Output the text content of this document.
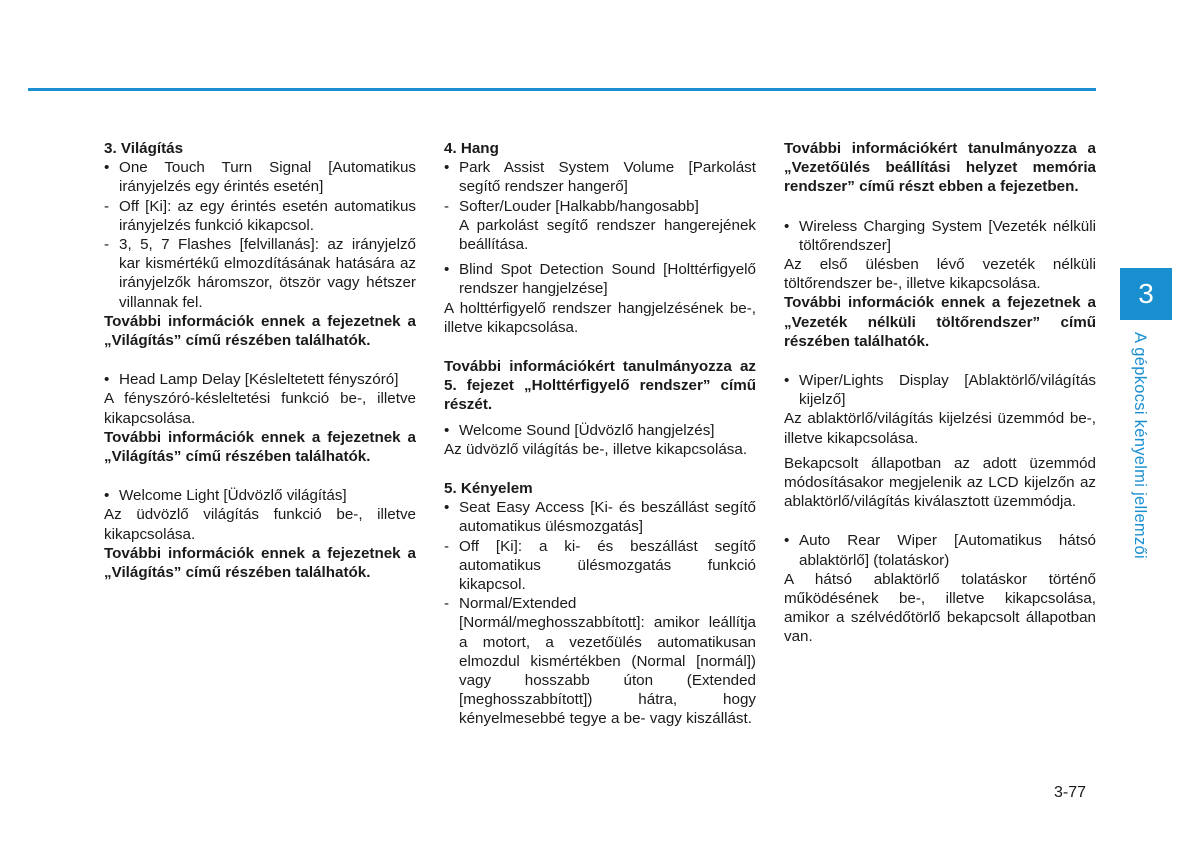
3. Világítás

• One Touch Turn Signal [Automatikus irányjelzés egy érintés esetén]
- Off [Ki]: az egy érintés esetén automatikus irányjelzés funkció kikapcsol.
- 3, 5, 7 Flashes [felvillanás]: az irányjelző kar kismértékű elmozdításának hatására az irányjelzők háromszor, ötször vagy hétszer villannak fel.

További információk ennek a fejezetnek a „Világítás” című részében találhatók.

• Head Lamp Delay [Késleltetett fényszóró]

A fényszóró-késleltetési funkció be-, illetve kikapcsolása.

További információk ennek a fejezetnek a „Világítás” című részében találhatók.

• Welcome Light [Üdvözlő világítás]

Az üdvözlő világítás funkció be-, illetve kikapcsolása.

További információk ennek a fejezetnek a „Világítás” című részében találhatók.

4. Hang

• Park Assist System Volume [Parkolást segítő rendszer hangerő]
- Softer/Louder [Halkabb/hangosabb]

A parkolást segítő rendszer hangerejének beállítása.

• Blind Spot Detection Sound [Holttérfigyelő rendszer hangjelzése]

A holttérfigyelő rendszer hangjelzésének be-, illetve kikapcsolása.

További információkért tanulmányozza az 5. fejezet „Holttérfigyelő rendszer” című részét.

• Welcome Sound [Üdvözlő hangjelzés]

Az üdvözlő világítás be-, illetve kikapcsolása.

5. Kényelem

• Seat Easy Access [Ki- és beszállást segítő automatikus ülésmozgatás]
- Off [Ki]: a ki- és beszállást segítő automatikus ülésmozgatás funkció kikapcsol.
- Normal/Extended [Normál/meghosszabbított]: amikor leállítja a motort, a vezetőülés automatikusan elmozdul kismértékben (Normal [normál]) vagy hosszabb úton (Extended [meghosszabbított]) hátra, hogy kényelmesebbé tegye a be- vagy kiszállást.

További információkért tanulmányozza a „Vezetőülés beállítási helyzet memória rendszer” című részt ebben a fejezetben.

• Wireless Charging System [Vezeték nélküli töltőrendszer]

Az első ülésben lévő vezeték nélküli töltőrendszer be-, illetve kikapcsolása.

További információk ennek a fejezetnek a „Vezeték nélküli töltőrendszer” című részében találhatók.

• Wiper/Lights Display [Ablaktörlő/világítás kijelző]

Az ablaktörlő/világítás kijelzési üzemmód be-, illetve kikapcsolása.

Bekapcsolt állapotban az adott üzemmód módosításakor megjelenik az LCD kijelzőn az ablaktörlő/világítás kiválasztott üzemmódja.

• Auto Rear Wiper [Automatikus hátsó ablaktörlő] (tolatáskor)

A hátsó ablaktörlő tolatáskor történő működésének be-, illetve kikapcsolása, amikor a szélvédőtörlő bekapcsolt állapotban van.

3
A gépkocsi kényelmi jellemzői
3-77
